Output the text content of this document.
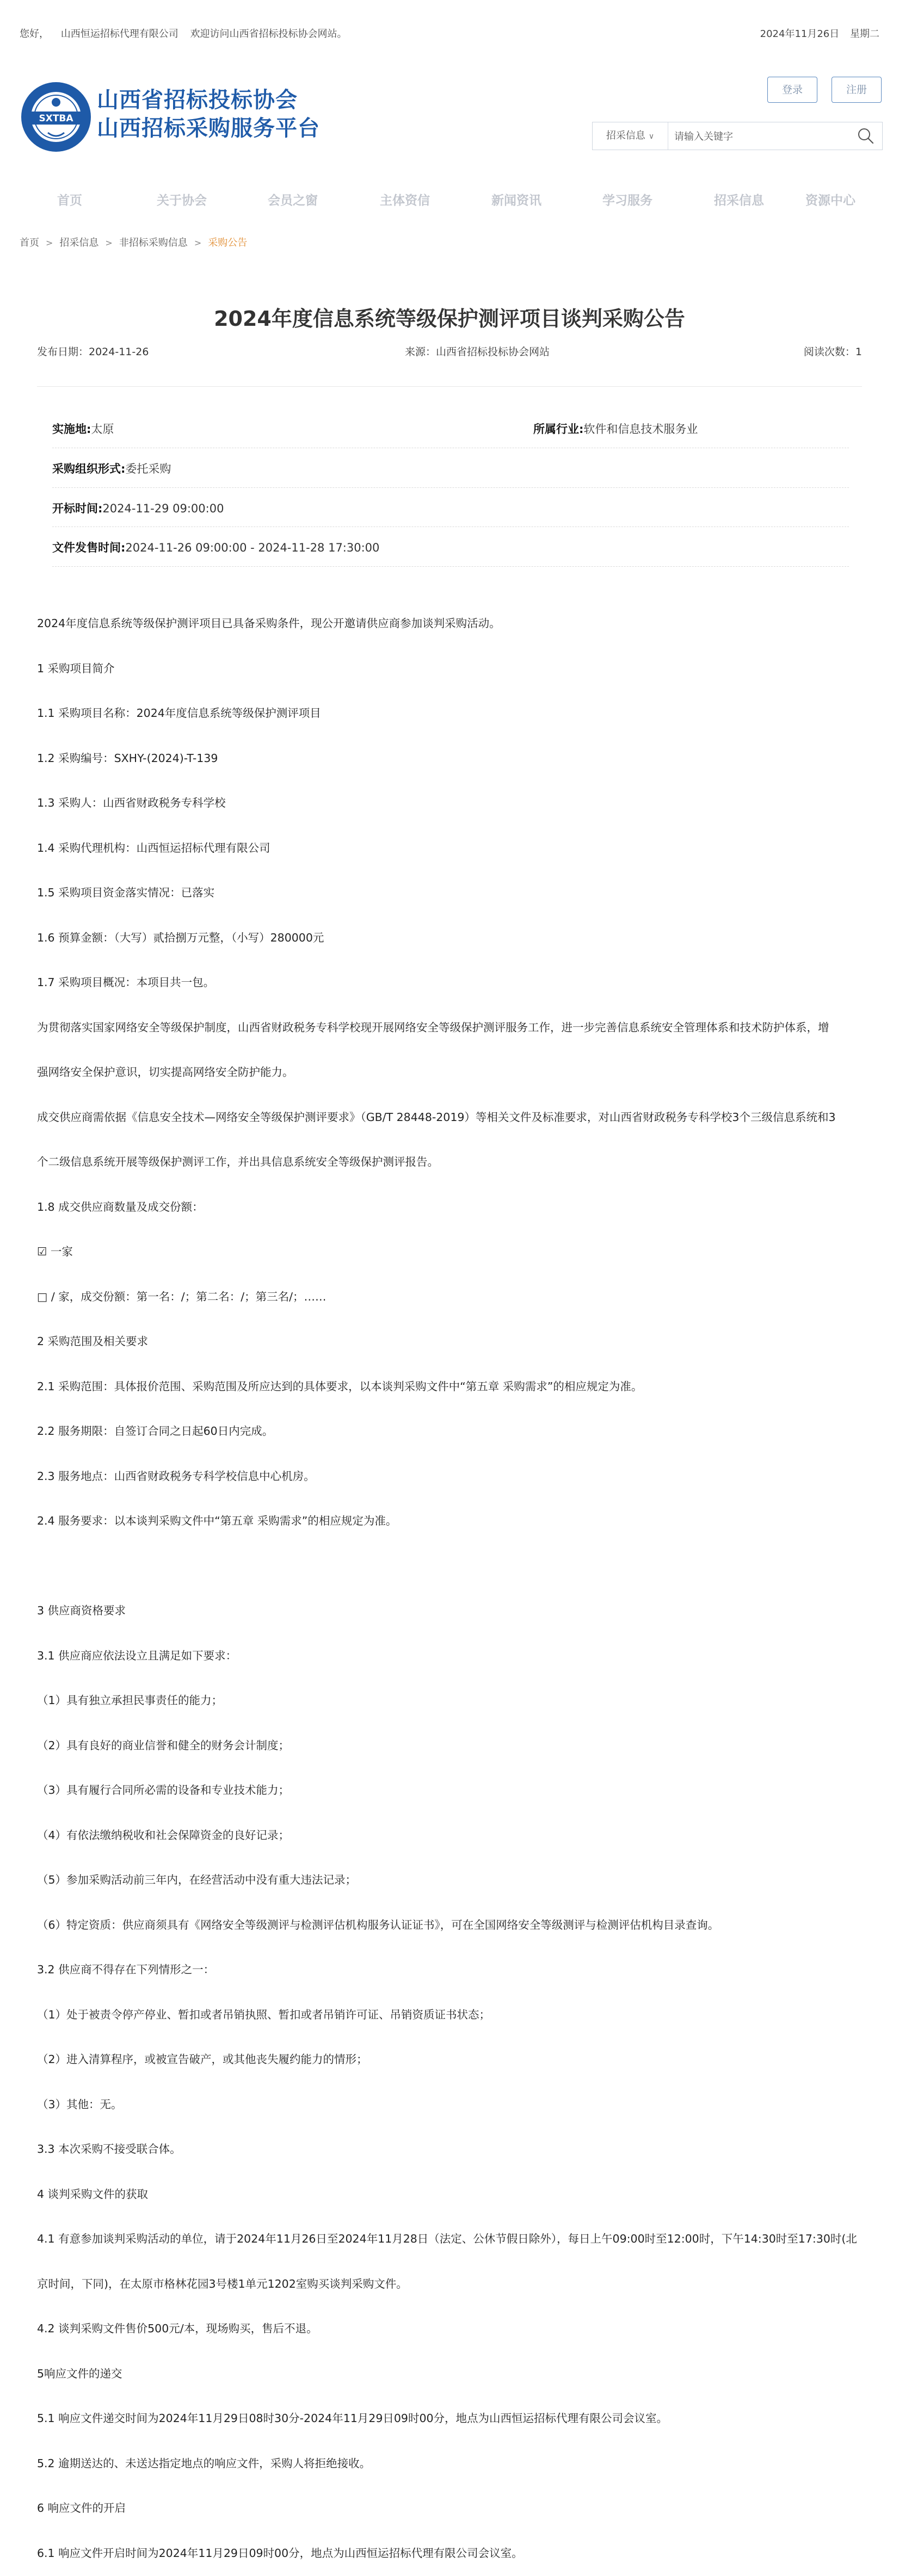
您好， 山西恒运招标代理有限公司 欢迎访问山西省招标投标协会网站。	2024年11月26日 星期二
SXTBA
山西省招标投标协会
山西招标采购服务平台
登录	注册
招采信息 ∨
请输入关键字
首页	关于协会	会员之窗	主体资信	新闻资讯	学习服务	招采信息	资源中心
首页 > 招采信息 > 非招标采购信息 > 采购公告
2024年度信息系统等级保护测评项目谈判采购公告
发布日期：2024-11-26	来源：山西省招标投标协会网站	阅读次数：1
实施地:太原	所属行业:软件和信息技术服务业
采购组织形式:委托采购
开标时间:2024-11-29 09:00:00
文件发售时间:2024-11-26 09:00:00 - 2024-11-28 17:30:00

2024年度信息系统等级保护测评项目已具备采购条件，现公开邀请供应商参加谈判采购活动。

1 采购项目简介

1.1 采购项目名称：2024年度信息系统等级保护测评项目

1.2 采购编号：SXHY-(2024)-T-139

1.3 采购人：山西省财政税务专科学校

1.4 采购代理机构：山西恒运招标代理有限公司

1.5 采购项目资金落实情况：已落实

1.6 预算金额：（大写）贰拾捌万元整，（小写）280000元

1.7 采购项目概况：本项目共一包。

为贯彻落实国家网络安全等级保护制度，山西省财政税务专科学校现开展网络安全等级保护测评服务工作，进一步完善信息系统安全管理体系和技术防护体系，增

强网络安全保护意识，切实提高网络安全防护能力。

成交供应商需依据《信息安全技术—网络安全等级保护测评要求》（GB/T 28448-2019）等相关文件及标准要求，对山西省财政税务专科学校3个三级信息系统和3

个二级信息系统开展等级保护测评工作，并出具信息系统安全等级保护测评报告。

1.8 成交供应商数量及成交份额：

☑ 一家

□ / 家，成交份额：第一名：/；第二名：/；第三名/；……

2 采购范围及相关要求

2.1 采购范围：具体报价范围、采购范围及所应达到的具体要求，以本谈判采购文件中“第五章 采购需求”的相应规定为准。

2.2 服务期限：自签订合同之日起60日内完成。

2.3 服务地点：山西省财政税务专科学校信息中心机房。

2.4 服务要求：以本谈判采购文件中“第五章 采购需求”的相应规定为准。

3 供应商资格要求

3.1 供应商应依法设立且满足如下要求：

（1）具有独立承担民事责任的能力；

（2）具有良好的商业信誉和健全的财务会计制度；

（3）具有履行合同所必需的设备和专业技术能力；

（4）有依法缴纳税收和社会保障资金的良好记录；

（5）参加采购活动前三年内，在经营活动中没有重大违法记录；

（6）特定资质：供应商须具有《网络安全等级测评与检测评估机构服务认证证书》，可在全国网络安全等级测评与检测评估机构目录查询。

3.2 供应商不得存在下列情形之一：

（1）处于被责令停产停业、暂扣或者吊销执照、暂扣或者吊销许可证、吊销资质证书状态；

（2）进入清算程序，或被宣告破产，或其他丧失履约能力的情形；

（3）其他：无。

3.3 本次采购不接受联合体。

4 谈判采购文件的获取

4.1 有意参加谈判采购活动的单位，请于2024年11月26日至2024年11月28日（法定、公休节假日除外），每日上午09:00时至12:00时，下午14:30时至17:30时(北

京时间，下同)，在太原市格林花园3号楼1单元1202室购买谈判采购文件。

4.2 谈判采购文件售价500元/本，现场购买，售后不退。

5响应文件的递交

5.1 响应文件递交时间为2024年11月29日08时30分-2024年11月29日09时00分，地点为山西恒运招标代理有限公司会议室。

5.2 逾期送达的、未送达指定地点的响应文件，采购人将拒绝接收。

6 响应文件的开启

6.1 响应文件开启时间为2024年11月29日09时00分，地点为山西恒运招标代理有限公司会议室。
